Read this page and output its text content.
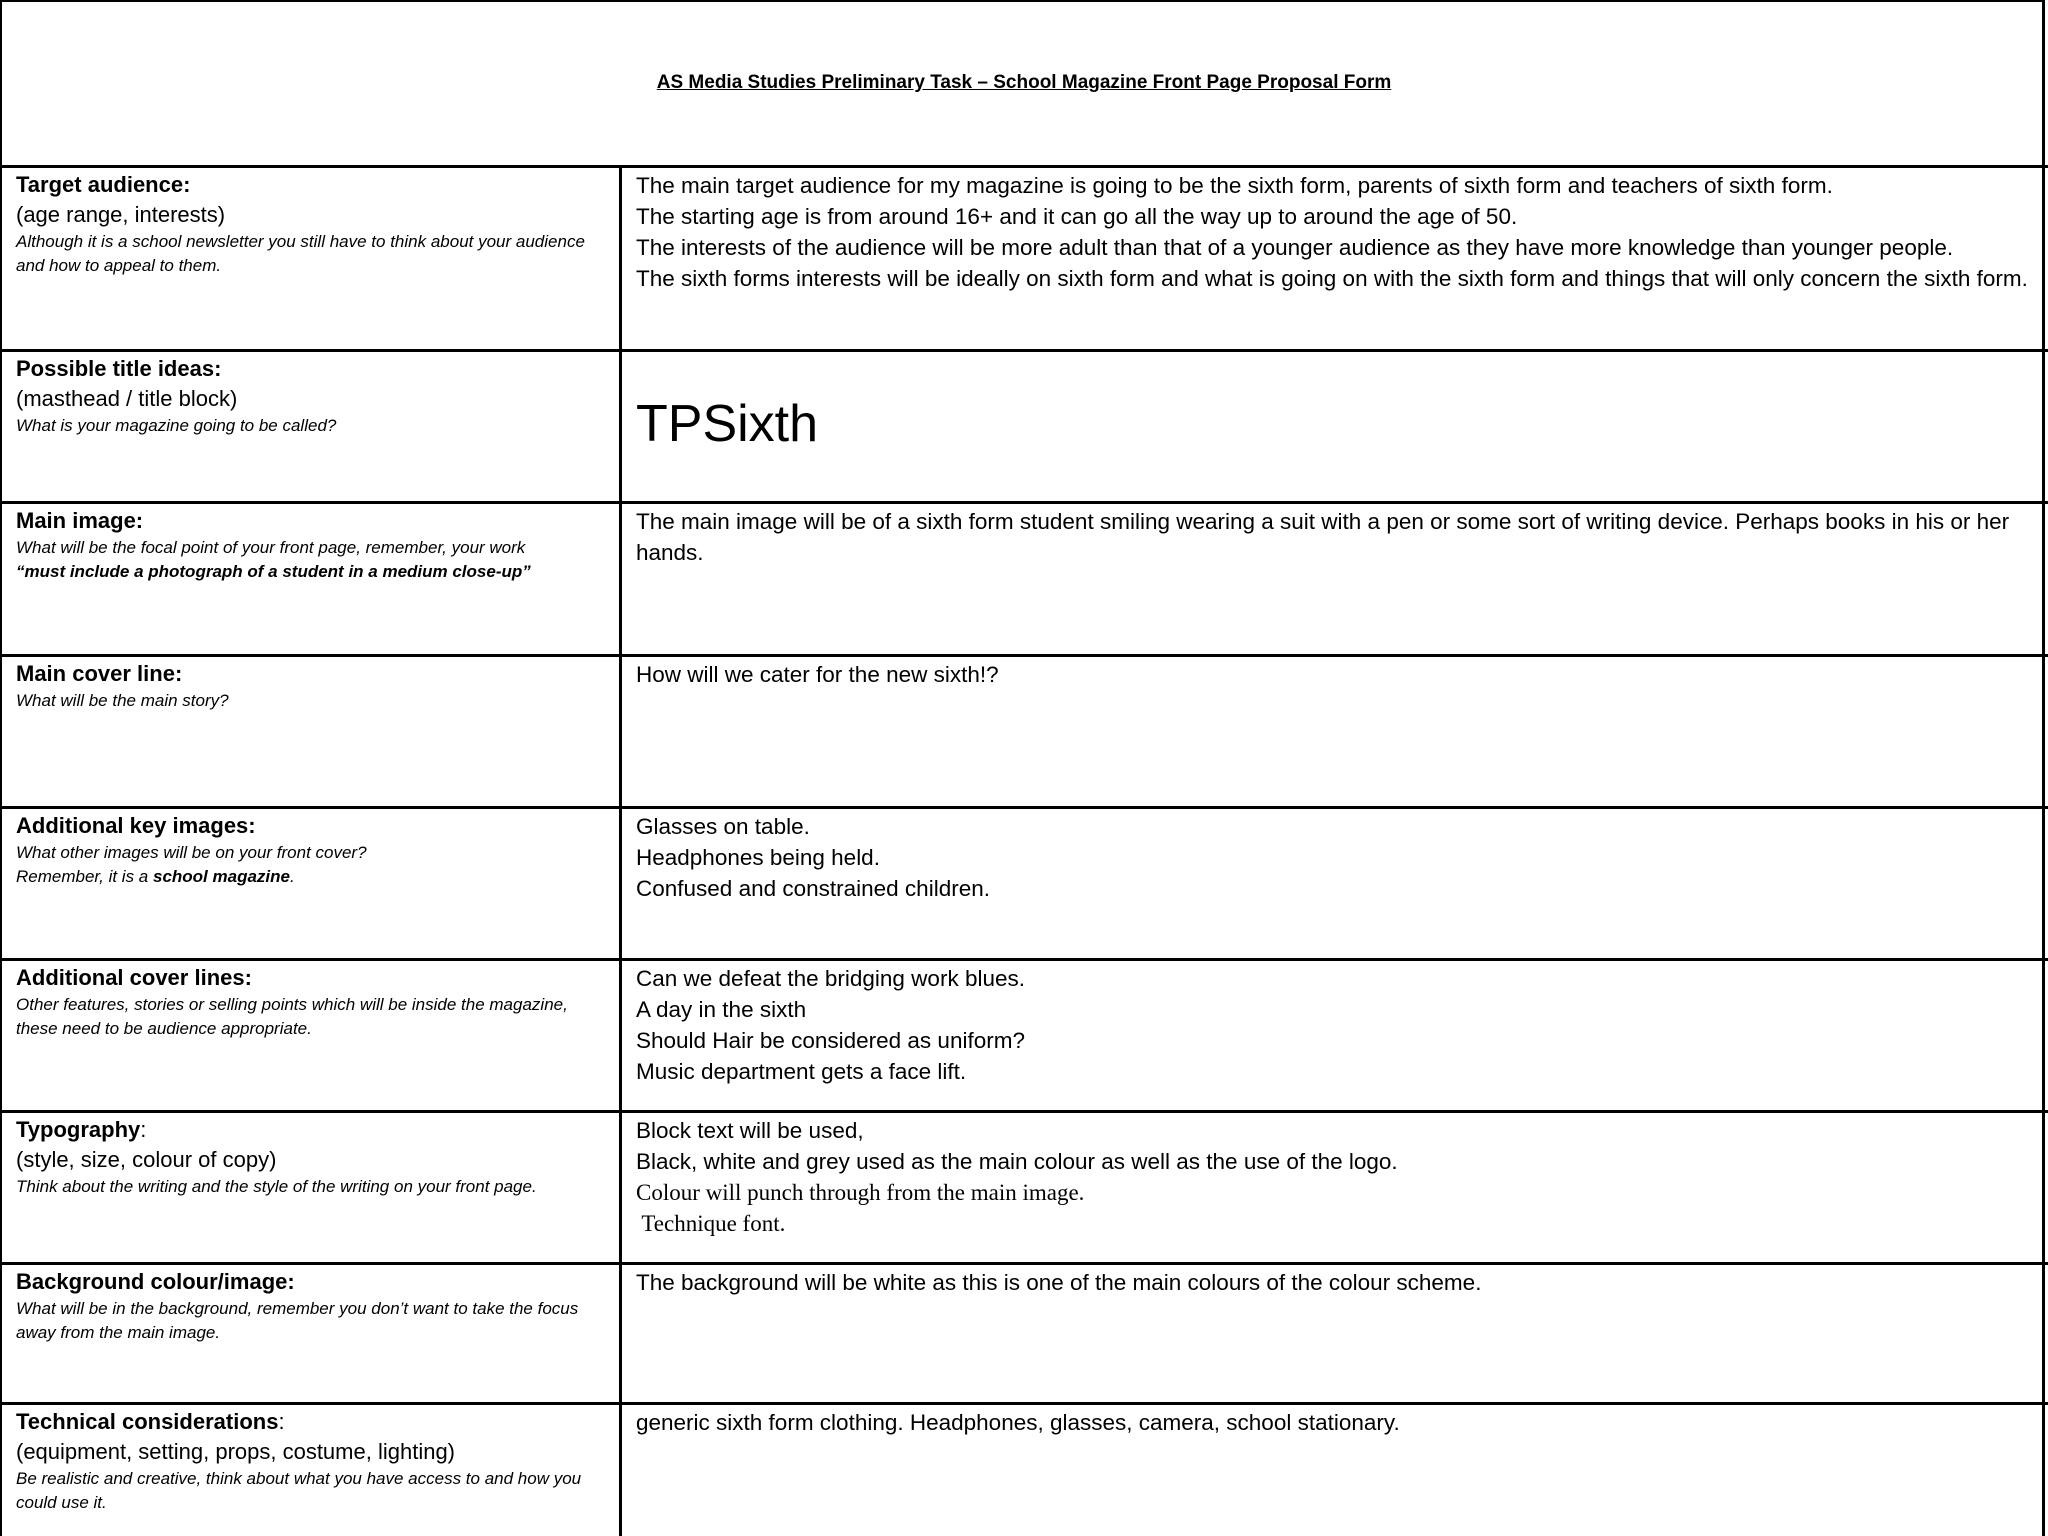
AS Media Studies Preliminary Task – School Magazine Front Page Proposal Form
Target audience:
(age range, interests)
Although it is a school newsletter you still have to think about your audience and how to appeal to them.
The main target audience for my magazine is going to be the sixth form, parents of sixth form and teachers of sixth form.
The starting age is from around 16+ and it can go all the way up to around the age of 50.
The interests of the audience will be more adult than that of a younger audience as they have more knowledge than younger people.
The sixth forms interests will be ideally on sixth form and what is going on with the sixth form and things that will only concern the sixth form.
Possible title ideas:
(masthead / title block)
What is your magazine going to be called?	TPSixth
Main image:
What will be the focal point of your front page, remember, your work
“must include a photograph of a student in a medium close-up”
The main image will be of a sixth form student smiling wearing a suit with a pen or some sort of writing device. Perhaps books in his or her hands.
Main cover line:
What will be the main story?
How will we cater for the new sixth!?
Additional key images:
What other images will be on your front cover?
Remember, it is a school magazine.
Glasses on table.
Headphones being held.
Confused and constrained children.
Additional cover lines:
Other features, stories or selling points which will be inside the magazine, these need to be audience appropriate.
Can we defeat the bridging work blues.
A day in the sixth
Should Hair be considered as uniform?
Music department gets a face lift.
Typography:
(style, size, colour of copy)
Think about the writing and the style of the writing on your front page.
Block text will be used,
Black, white and grey used as the main colour as well as the use of the logo.
Colour will punch through from the main image.
Technique font.
Background colour/image:
What will be in the background, remember you don’t want to take the focus away from the main image.
The background will be white as this is one of the main colours of the colour scheme.
Technical considerations:
(equipment, setting, props, costume, lighting)
Be realistic and creative, think about what you have access to and how you could use it.
generic sixth form clothing. Headphones, glasses, camera, school stationary.
